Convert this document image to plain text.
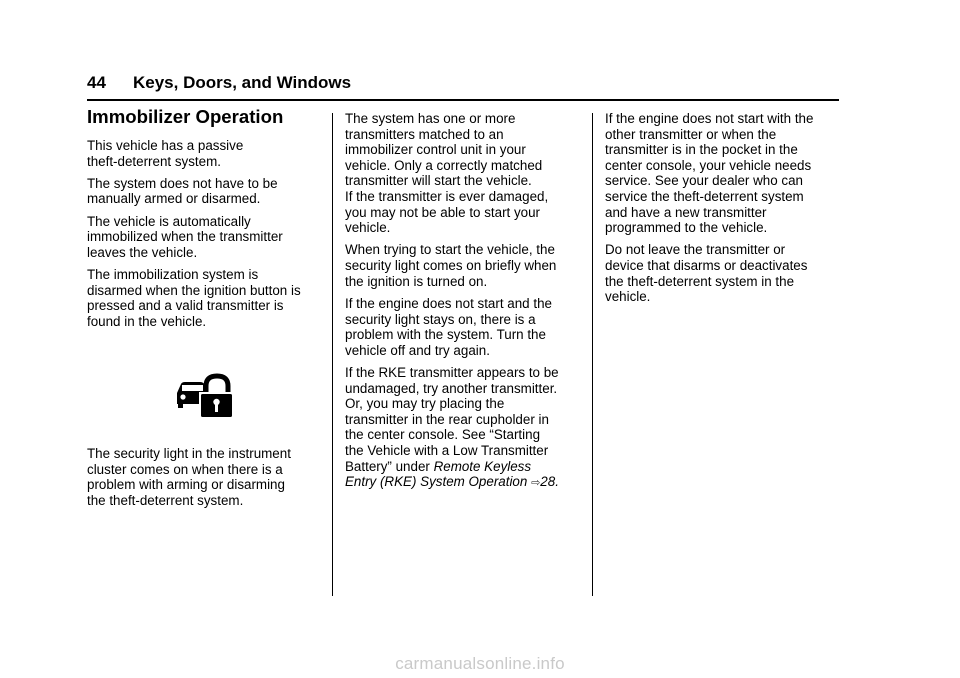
44 Keys, Doors, and Windows
Immobilizer Operation

This vehicle has a passive
theft-deterrent system.

The system does not have to be
manually armed or disarmed.

The vehicle is automatically
immobilized when the transmitter
leaves the vehicle.

The immobilization system is
disarmed when the ignition button is
pressed and a valid transmitter is
found in the vehicle.

The security light in the instrument
cluster comes on when there is a
problem with arming or disarming
the theft-deterrent system.

The system has one or more
transmitters matched to an
immobilizer control unit in your
vehicle. Only a correctly matched
transmitter will start the vehicle.
If the transmitter is ever damaged,
you may not be able to start your
vehicle.

When trying to start the vehicle, the
security light comes on briefly when
the ignition is turned on.

If the engine does not start and the
security light stays on, there is a
problem with the system. Turn the
vehicle off and try again.

If the RKE transmitter appears to be
undamaged, try another transmitter.
Or, you may try placing the
transmitter in the rear cupholder in
the center console. See “Starting
the Vehicle with a Low Transmitter
Battery” under Remote Keyless
Entry (RKE) System Operation ⇨28.

If the engine does not start with the
other transmitter or when the
transmitter is in the pocket in the
center console, your vehicle needs
service. See your dealer who can
service the theft-deterrent system
and have a new transmitter
programmed to the vehicle.

Do not leave the transmitter or
device that disarms or deactivates
the theft-deterrent system in the
vehicle.

carmanualsonline.info
